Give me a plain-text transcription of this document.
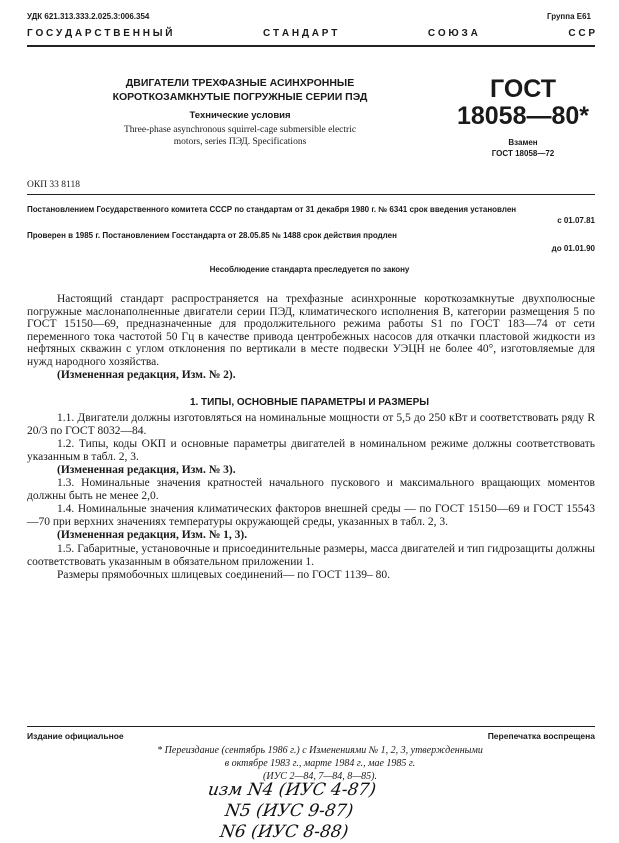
УДК 621.313.333.2.025.3:006.354	Группа Е61
Г О С У Д А Р С Т В Е Н Н Ы Й	С Т А Н Д А Р Т	С О Ю З А	С С Р
ДВИГАТЕЛИ ТРЕХФАЗНЫЕ АСИНХРОННЫЕ
КОРОТКОЗАМКНУТЫЕ ПОГРУЖНЫЕ СЕРИИ ПЭД
Технические условия
Three-phase asynchronous squirrel-cage submersible electric
motors, series ПЭД. Specifications
ГОСТ
18058—80*
Взамен
ГОСТ 18058—72
ОКП 33 8118
Постановлением Государственного комитета СССР по стандартам от 31 декабря 1980 г. № 6341 срок введения установлен
с 01.07.81
Проверен в 1985 г. Постановлением Госстандарта от 28.05.85 № 1488 срок действия продлен
до 01.01.90
Несоблюдение стандарта преследуется по закону
Настоящий стандарт распространяется на трехфазные асинхронные короткозамкнутые двухполюсные погружные маслонаполненные двигатели серии ПЭД, климатического исполнения В, категории размещения 5 по ГОСТ 15150—69, предназначенные для продолжительного режима работы S1 по ГОСТ 183—74 от сети переменного тока частотой 50 Гц в качестве привода центробежных насосов для откачки пластовой жидкости из нефтяных скважин с углом отклонения по вертикали в месте подвески УЭЦН не более 40°, изготовляемые для нужд народного хозяйства.
(Измененная редакция, Изм. № 2).
1. ТИПЫ, ОСНОВНЫЕ ПАРАМЕТРЫ И РАЗМЕРЫ
1.1. Двигатели должны изготовляться на номинальные мощности от 5,5 до 250 кВт и соответствовать ряду R 20/3 по ГОСТ 8032—84.
1.2. Типы, коды ОКП и основные параметры двигателей в номинальном режиме должны соответствовать указанным в табл. 2, 3.
(Измененная редакция, Изм. № 3).
1.3. Номинальные значения кратностей начального пускового и максимального вращающих моментов должны быть не менее 2,0.
1.4. Номинальные значения климатических факторов внешней среды — по ГОСТ 15150—69 и ГОСТ 15543—70 при верхних значениях температуры окружающей среды, указанных в табл. 2, 3.
(Измененная редакция, Изм. № 1, 3).
1.5. Габаритные, установочные и присоединительные размеры, масса двигателей и тип гидрозащиты должны соответствовать указанным в обязательном приложении 1.
Размеры прямобочных шлицевых соединений— по ГОСТ 1139– 80.
Издание официальное	Перепечатка воспрещена
* Переиздание (сентябрь 1986 г.) с Изменениями № 1, 2, 3, утвержденными
в октябре 1983 г., марте 1984 г., мае 1985 г.
(ИУС 2—84, 7—84, 8—85).
изм N4 (ИУС 4-87)
N5 (ИУС 9-87)
N6 (ИУС 8-88)
